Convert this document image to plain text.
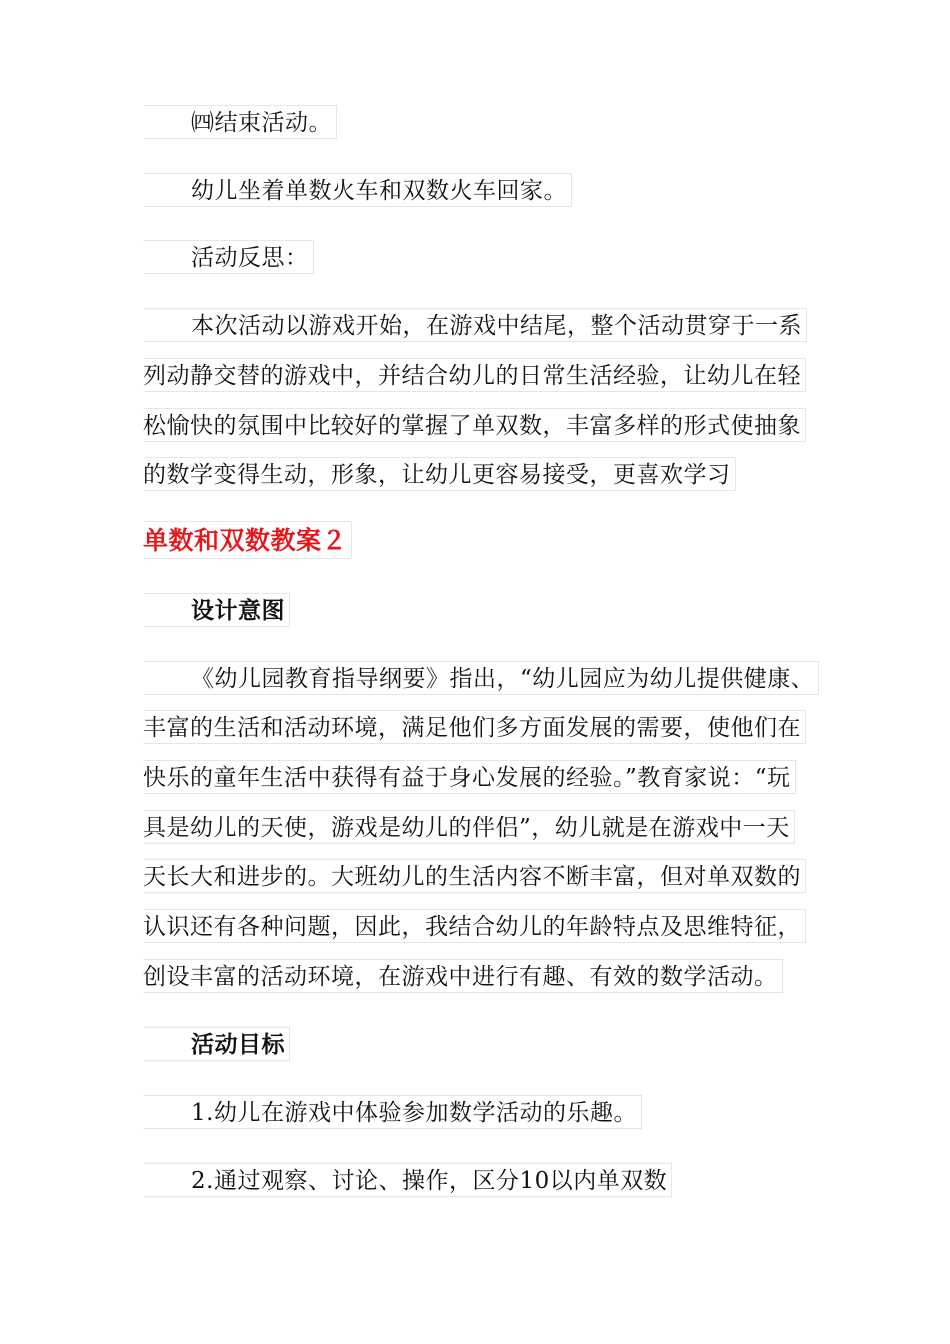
㈣结束活动。
幼儿坐着单数火车和双数火车回家。
活动反思：
本次活动以游戏开始，在游戏中结尾，整个活动贯穿于一系
列动静交替的游戏中，并结合幼儿的日常生活经验，让幼儿在轻
松愉快的氛围中比较好的掌握了单双数，丰富多样的形式使抽象
的数学变得生动，形象，让幼儿更容易接受，更喜欢学习
单数和双数教案２
设计意图
《幼儿园教育指导纲要》指出，“幼儿园应为幼儿提供健康、
丰富的生活和活动环境，满足他们多方面发展的需要，使他们在
快乐的童年生活中获得有益于身心发展的经验。”教育家说：“玩
具是幼儿的天使，游戏是幼儿的伴侣”，幼儿就是在游戏中一天
天长大和进步的。大班幼儿的生活内容不断丰富，但对单双数的
认识还有各种问题，因此，我结合幼儿的年龄特点及思维特征，
创设丰富的活动环境，在游戏中进行有趣、有效的数学活动。
活动目标
1.幼儿在游戏中体验参加数学活动的乐趣。
2.通过观察、讨论、操作，区分10以内单双数
